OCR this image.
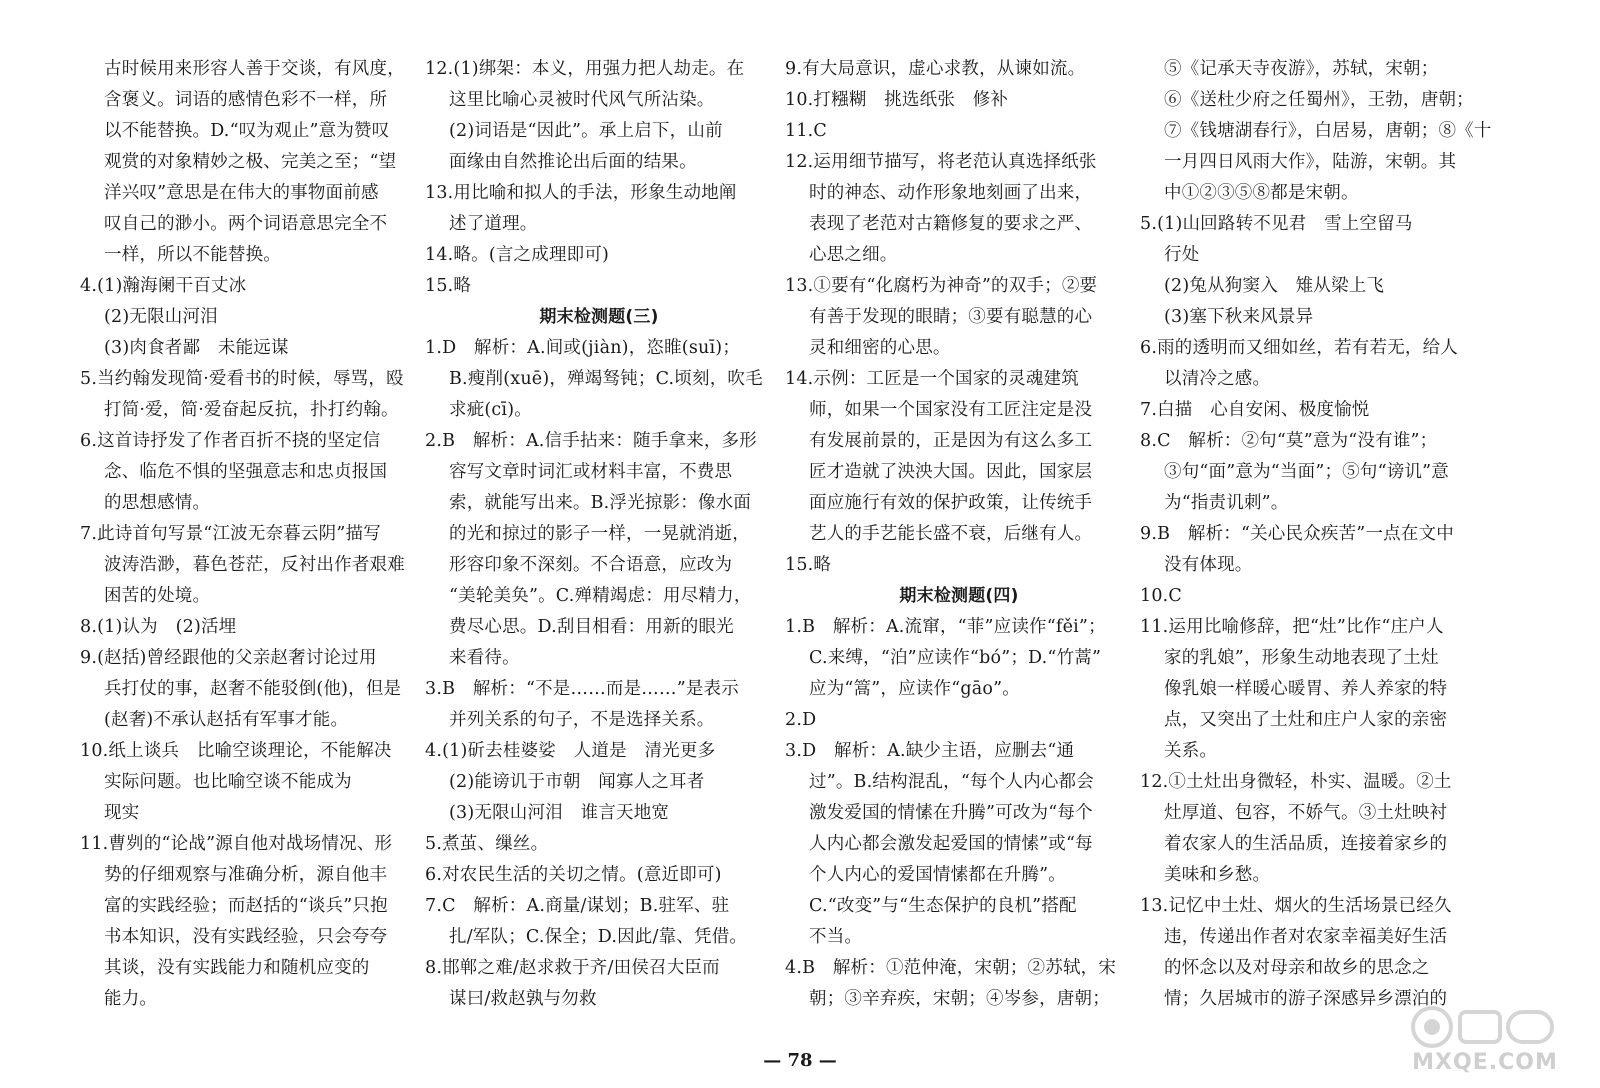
古时候用来形容人善于交谈，有风度，
含褒义。词语的感情色彩不一样，所
以不能替换。D.“叹为观止”意为赞叹
观赏的对象精妙之极、完美之至；“望
洋兴叹”意思是在伟大的事物面前感
叹自己的渺小。两个词语意思完全不
一样，所以不能替换。
4.(1)瀚海阑干百丈冰
(2)无限山河泪
(3)肉食者鄙　未能远谋
5.当约翰发现简·爱看书的时候，辱骂，殴
打简·爱，简·爱奋起反抗，扑打约翰。
6.这首诗抒发了作者百折不挠的坚定信
念、临危不惧的坚强意志和忠贞报国
的思想感情。
7.此诗首句写景“江波无奈暮云阴”描写
波涛浩渺，暮色苍茫，反衬出作者艰难
困苦的处境。
8.(1)认为　(2)活埋
9.(赵括)曾经跟他的父亲赵奢讨论过用
兵打仗的事，赵奢不能驳倒(他)，但是
(赵奢)不承认赵括有军事才能。
10.纸上谈兵　比喻空谈理论，不能解决
实际问题。也比喻空谈不能成为
现实
11.曹刿的“论战”源自他对战场情况、形
势的仔细观察与准确分析，源自他丰
富的实践经验；而赵括的“谈兵”只抱
书本知识，没有实践经验，只会夸夸
其谈，没有实践能力和随机应变的
能力。
12.(1)绑架：本义，用强力把人劫走。在
这里比喻心灵被时代风气所沾染。
(2)词语是“因此”。承上启下，山前
面缘由自然推论出后面的结果。
13.用比喻和拟人的手法，形象生动地阐
述了道理。
14.略。(言之成理即可)
15.略
期末检测题(三)
1.D　解析：A.间或(jiàn)，恣睢(suī)；
B.瘦削(xuē)，殚竭驽钝；C.顷刻，吹毛
求疵(cī)。
2.B　解析：A.信手拈来：随手拿来，多形
容写文章时词汇或材料丰富，不费思
索，就能写出来。B.浮光掠影：像水面
的光和掠过的影子一样，一晃就消逝，
形容印象不深刻。不合语意，应改为
“美轮美奂”。C.殚精竭虑：用尽精力，
费尽心思。D.刮目相看：用新的眼光
来看待。
3.B　解析：“不是……而是……”是表示
并列关系的句子，不是选择关系。
4.(1)斫去桂婆娑　人道是　清光更多
(2)能谤讥于市朝　闻寡人之耳者
(3)无限山河泪　谁言天地宽
5.煮茧、缫丝。
6.对农民生活的关切之情。(意近即可)
7.C　解析：A.商量/谋划；B.驻军、驻
扎/军队；C.保全；D.因此/靠、凭借。
8.邯郸之难/赵求救于齐/田侯召大臣而
谋曰/救赵孰与勿救
9.有大局意识，虚心求教，从谏如流。
10.打糨糊　挑选纸张　修补
11.C
12.运用细节描写，将老范认真选择纸张
时的神态、动作形象地刻画了出来，
表现了老范对古籍修复的要求之严、
心思之细。
13.①要有“化腐朽为神奇”的双手；②要
有善于发现的眼睛；③要有聪慧的心
灵和细密的心思。
14.示例：工匠是一个国家的灵魂建筑
师，如果一个国家没有工匠注定是没
有发展前景的，正是因为有这么多工
匠才造就了泱泱大国。因此，国家层
面应施行有效的保护政策，让传统手
艺人的手艺能长盛不衰，后继有人。
15.略
期末检测题(四)
1.B　解析：A.流窜，“菲”应读作“fěi”；
C.来缚，“泊”应读作“bó”；D.“竹蒿”
应为“篙”，应读作“gāo”。
2.D
3.D　解析：A.缺少主语，应删去“通
过”。B.结构混乱，“每个人内心都会
激发爱国的情愫在升腾”可改为“每个
人内心都会激发起爱国的情愫”或“每
个人内心的爱国情愫都在升腾”。
C.“改变”与“生态保护的良机”搭配
不当。
4.B　解析：①范仲淹，宋朝；②苏轼，宋
朝；③辛弃疾，宋朝；④岑参，唐朝；
⑤《记承天寺夜游》，苏轼，宋朝；
⑥《送杜少府之任蜀州》，王勃，唐朝；
⑦《钱塘湖春行》，白居易，唐朝；⑧《十
一月四日风雨大作》，陆游，宋朝。其
中①②③⑤⑧都是宋朝。
5.(1)山回路转不见君　雪上空留马
行处
(2)兔从狗窦入　雉从梁上飞
(3)塞下秋来风景异
6.雨的透明而又细如丝，若有若无，给人
以清冷之感。
7.白描　心自安闲、极度愉悦
8.C　解析：②句“莫”意为“没有谁”；
③句“面”意为“当面”；⑤句“谤讥”意
为“指责讥刺”。
9.B　解析：“关心民众疾苦”一点在文中
没有体现。
10.C
11.运用比喻修辞，把“灶”比作“庄户人
家的乳娘”，形象生动地表现了土灶
像乳娘一样暖心暖胃、养人养家的特
点，又突出了土灶和庄户人家的亲密
关系。
12.①土灶出身微轻，朴实、温暖。②土
灶厚道、包容，不娇气。③土灶映衬
着农家人的生活品质，连接着家乡的
美味和乡愁。
13.记忆中土灶、烟火的生活场景已经久
违，传递出作者对农家幸福美好生活
的怀念以及对母亲和故乡的思念之
情；久居城市的游子深感异乡漂泊的
— 78 —	MXQE.COM
